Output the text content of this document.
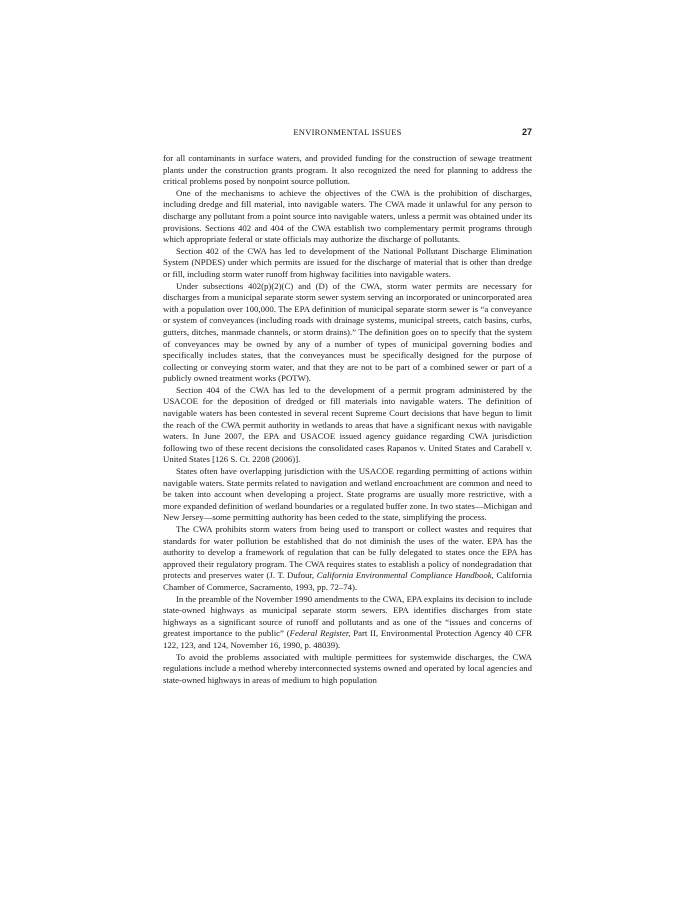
ENVIRONMENTAL ISSUES	27

for all contaminants in surface waters, and provided funding for the construction of sewage treatment plants under the construction grants program. It also recognized the need for planning to address the critical problems posed by nonpoint source pollution.

One of the mechanisms to achieve the objectives of the CWA is the prohibition of discharges, including dredge and fill material, into navigable waters. The CWA made it unlawful for any person to discharge any pollutant from a point source into navigable waters, unless a permit was obtained under its provisions. Sections 402 and 404 of the CWA establish two complementary permit programs through which appropriate federal or state officials may authorize the discharge of pollutants.

Section 402 of the CWA has led to development of the National Pollutant Discharge Elimination System (NPDES) under which permits are issued for the discharge of material that is other than dredge or fill, including storm water runoff from highway facilities into navigable waters.

Under subsections 402(p)(2)(C) and (D) of the CWA, storm water permits are necessary for discharges from a municipal separate storm sewer system serving an incorporated or unincorporated area with a population over 100,000. The EPA definition of municipal separate storm sewer is “a conveyance or system of conveyances (including roads with drainage systems, municipal streets, catch basins, curbs, gutters, ditches, manmade channels, or storm drains).” The definition goes on to specify that the system of conveyances may be owned by any of a number of types of municipal governing bodies and specifically includes states, that the conveyances must be specifically designed for the purpose of collecting or conveying storm water, and that they are not to be part of a combined sewer or part of a publicly owned treatment works (POTW).

Section 404 of the CWA has led to the development of a permit program administered by the USACOE for the deposition of dredged or fill materials into navigable waters. The definition of navigable waters has been contested in several recent Supreme Court decisions that have begun to limit the reach of the CWA permit authority in wetlands to areas that have a significant nexus with navigable waters. In June 2007, the EPA and USACOE issued agency guidance regarding CWA jurisdiction following two of these recent decisions the consolidated cases Rapanos v. United States and Carabell v. United States [126 S. Ct. 2208 (2006)].

States often have overlapping jurisdiction with the USACOE regarding permitting of actions within navigable waters. State permits related to navigation and wetland encroachment are common and need to be taken into account when developing a project. State programs are usually more restrictive, with a more expanded definition of wetland boundaries or a regulated buffer zone. In two states—Michigan and New Jersey—some permitting authority has been ceded to the state, simplifying the process.

The CWA prohibits storm waters from being used to transport or collect wastes and requires that standards for water pollution be established that do not diminish the uses of the water. EPA has the authority to develop a framework of regulation that can be fully delegated to states once the EPA has approved their regulatory program. The CWA requires states to establish a policy of nondegradation that protects and preserves water (J. T. Dufour, California Environmental Compliance Handbook, California Chamber of Commerce, Sacramento, 1993, pp. 72–74).

In the preamble of the November 1990 amendments to the CWA, EPA explains its decision to include state-owned highways as municipal separate storm sewers. EPA identifies discharges from state highways as a significant source of runoff and pollutants and as one of the “issues and concerns of greatest importance to the public” (Federal Register, Part II, Environmental Protection Agency 40 CFR 122, 123, and 124, November 16, 1990, p. 48039).

To avoid the problems associated with multiple permittees for systemwide discharges, the CWA regulations include a method whereby interconnected systems owned and operated by local agencies and state-owned highways in areas of medium to high population
